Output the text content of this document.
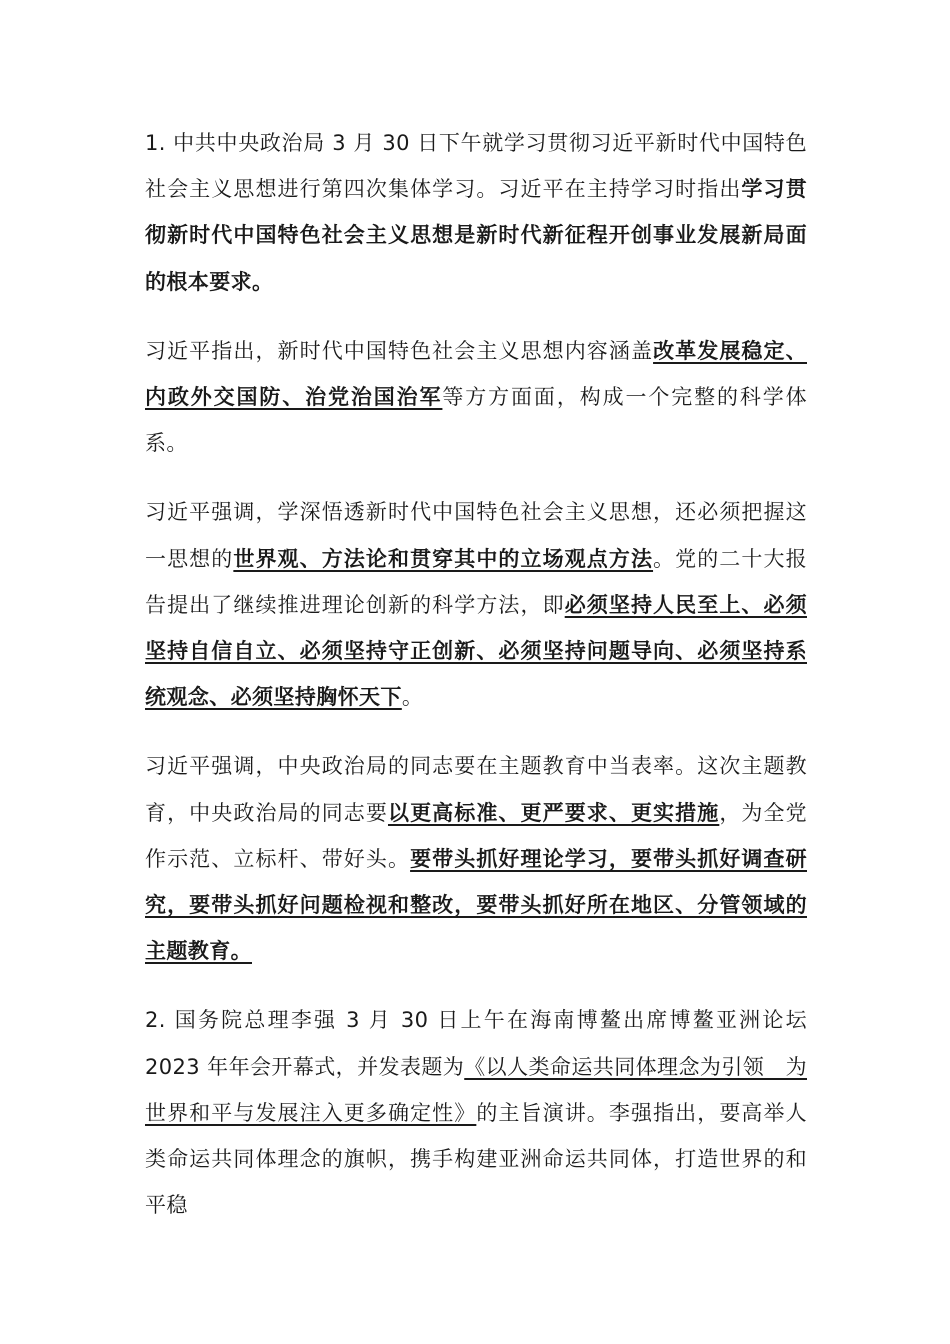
1. 中共中央政治局 3 月 30 日下午就学习贯彻习近平新时代中国特色社会主义思想进行第四次集体学习。习近平在主持学习时指出学习贯彻新时代中国特色社会主义思想是新时代新征程开创事业发展新局面的根本要求。

习近平指出，新时代中国特色社会主义思想内容涵盖改革发展稳定、内政外交国防、治党治国治军等方方面面，构成一个完整的科学体系。

习近平强调，学深悟透新时代中国特色社会主义思想，还必须把握这一思想的世界观、方法论和贯穿其中的立场观点方法。党的二十大报告提出了继续推进理论创新的科学方法，即必须坚持人民至上、必须坚持自信自立、必须坚持守正创新、必须坚持问题导向、必须坚持系统观念、必须坚持胸怀天下。

习近平强调，中央政治局的同志要在主题教育中当表率。这次主题教育，中央政治局的同志要以更高标准、更严要求、更实措施，为全党作示范、立标杆、带好头。要带头抓好理论学习，要带头抓好调查研究，要带头抓好问题检视和整改，要带头抓好所在地区、分管领域的主题教育。

2. 国务院总理李强 3 月 30 日上午在海南博鳌出席博鳌亚洲论坛 2023 年年会开幕式，并发表题为《以人类命运共同体理念为引领　为世界和平与发展注入更多确定性》的主旨演讲。李强指出，要高举人类命运共同体理念的旗帜，携手构建亚洲命运共同体，打造世界的和平稳
